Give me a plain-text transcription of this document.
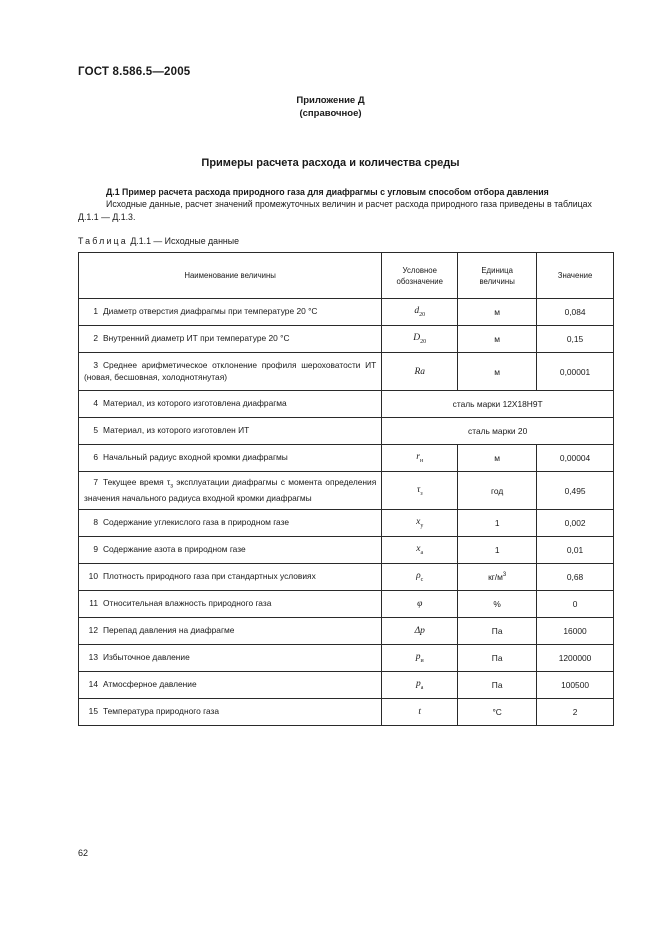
ГОСТ 8.586.5—2005
Приложение Д
(справочное)
Примеры расчета расхода и количества среды
Д.1 Пример расчета расхода природного газа для диафрагмы с угловым способом отбора давления

Исходные данные, расчет значений промежуточных величин и расчет расхода природного газа приведены в таблицах Д.1.1 — Д.1.3.

Таблица Д.1.1 — Исходные данные
Наименование величины	Условное обозначение	Единица величины	Значение
1 Диаметр отверстия диафрагмы при температуре 20 °С	$d_{20}$	м	0,084
2 Внутренний диаметр ИТ при температуре 20 °С	$D_{20}$	м	0,15
3 Среднее арифметическое отклонение профиля шероховатости ИТ (новая, бесшовная, холоднотянутая)	Ra	м	0,00001
4 Материал, из которого изготовлена диафрагма	сталь марки 12Х18Н9Т		
5 Материал, из которого изготовлен ИТ	сталь марки 20		
6 Начальный радиус входной кромки диафрагмы	$r_н$	м	0,00004
7 Текущее время $\tau_з$ эксплуатации диафрагмы с момента определения значения начального радиуса входной кромки диафрагмы	$\tau_з$	год	0,495
8 Содержание углекислого газа в природном газе	$x_y$	1	0,002
9 Содержание азота в природном газе	$x_a$	1	0,01
10 Плотность природного газа при стандартных условиях	$\rho_с$	$кг/м^3$	0,68
11 Относительная влажность природного газа	φ	%	0
12 Перепад давления на диафрагме	Δp	Па	16000
13 Избыточное давление	$p_и$	Па	1200000
14 Атмосферное давление	$p_а$	Па	100500
15 Температура природного газа	t	°С	2
62
